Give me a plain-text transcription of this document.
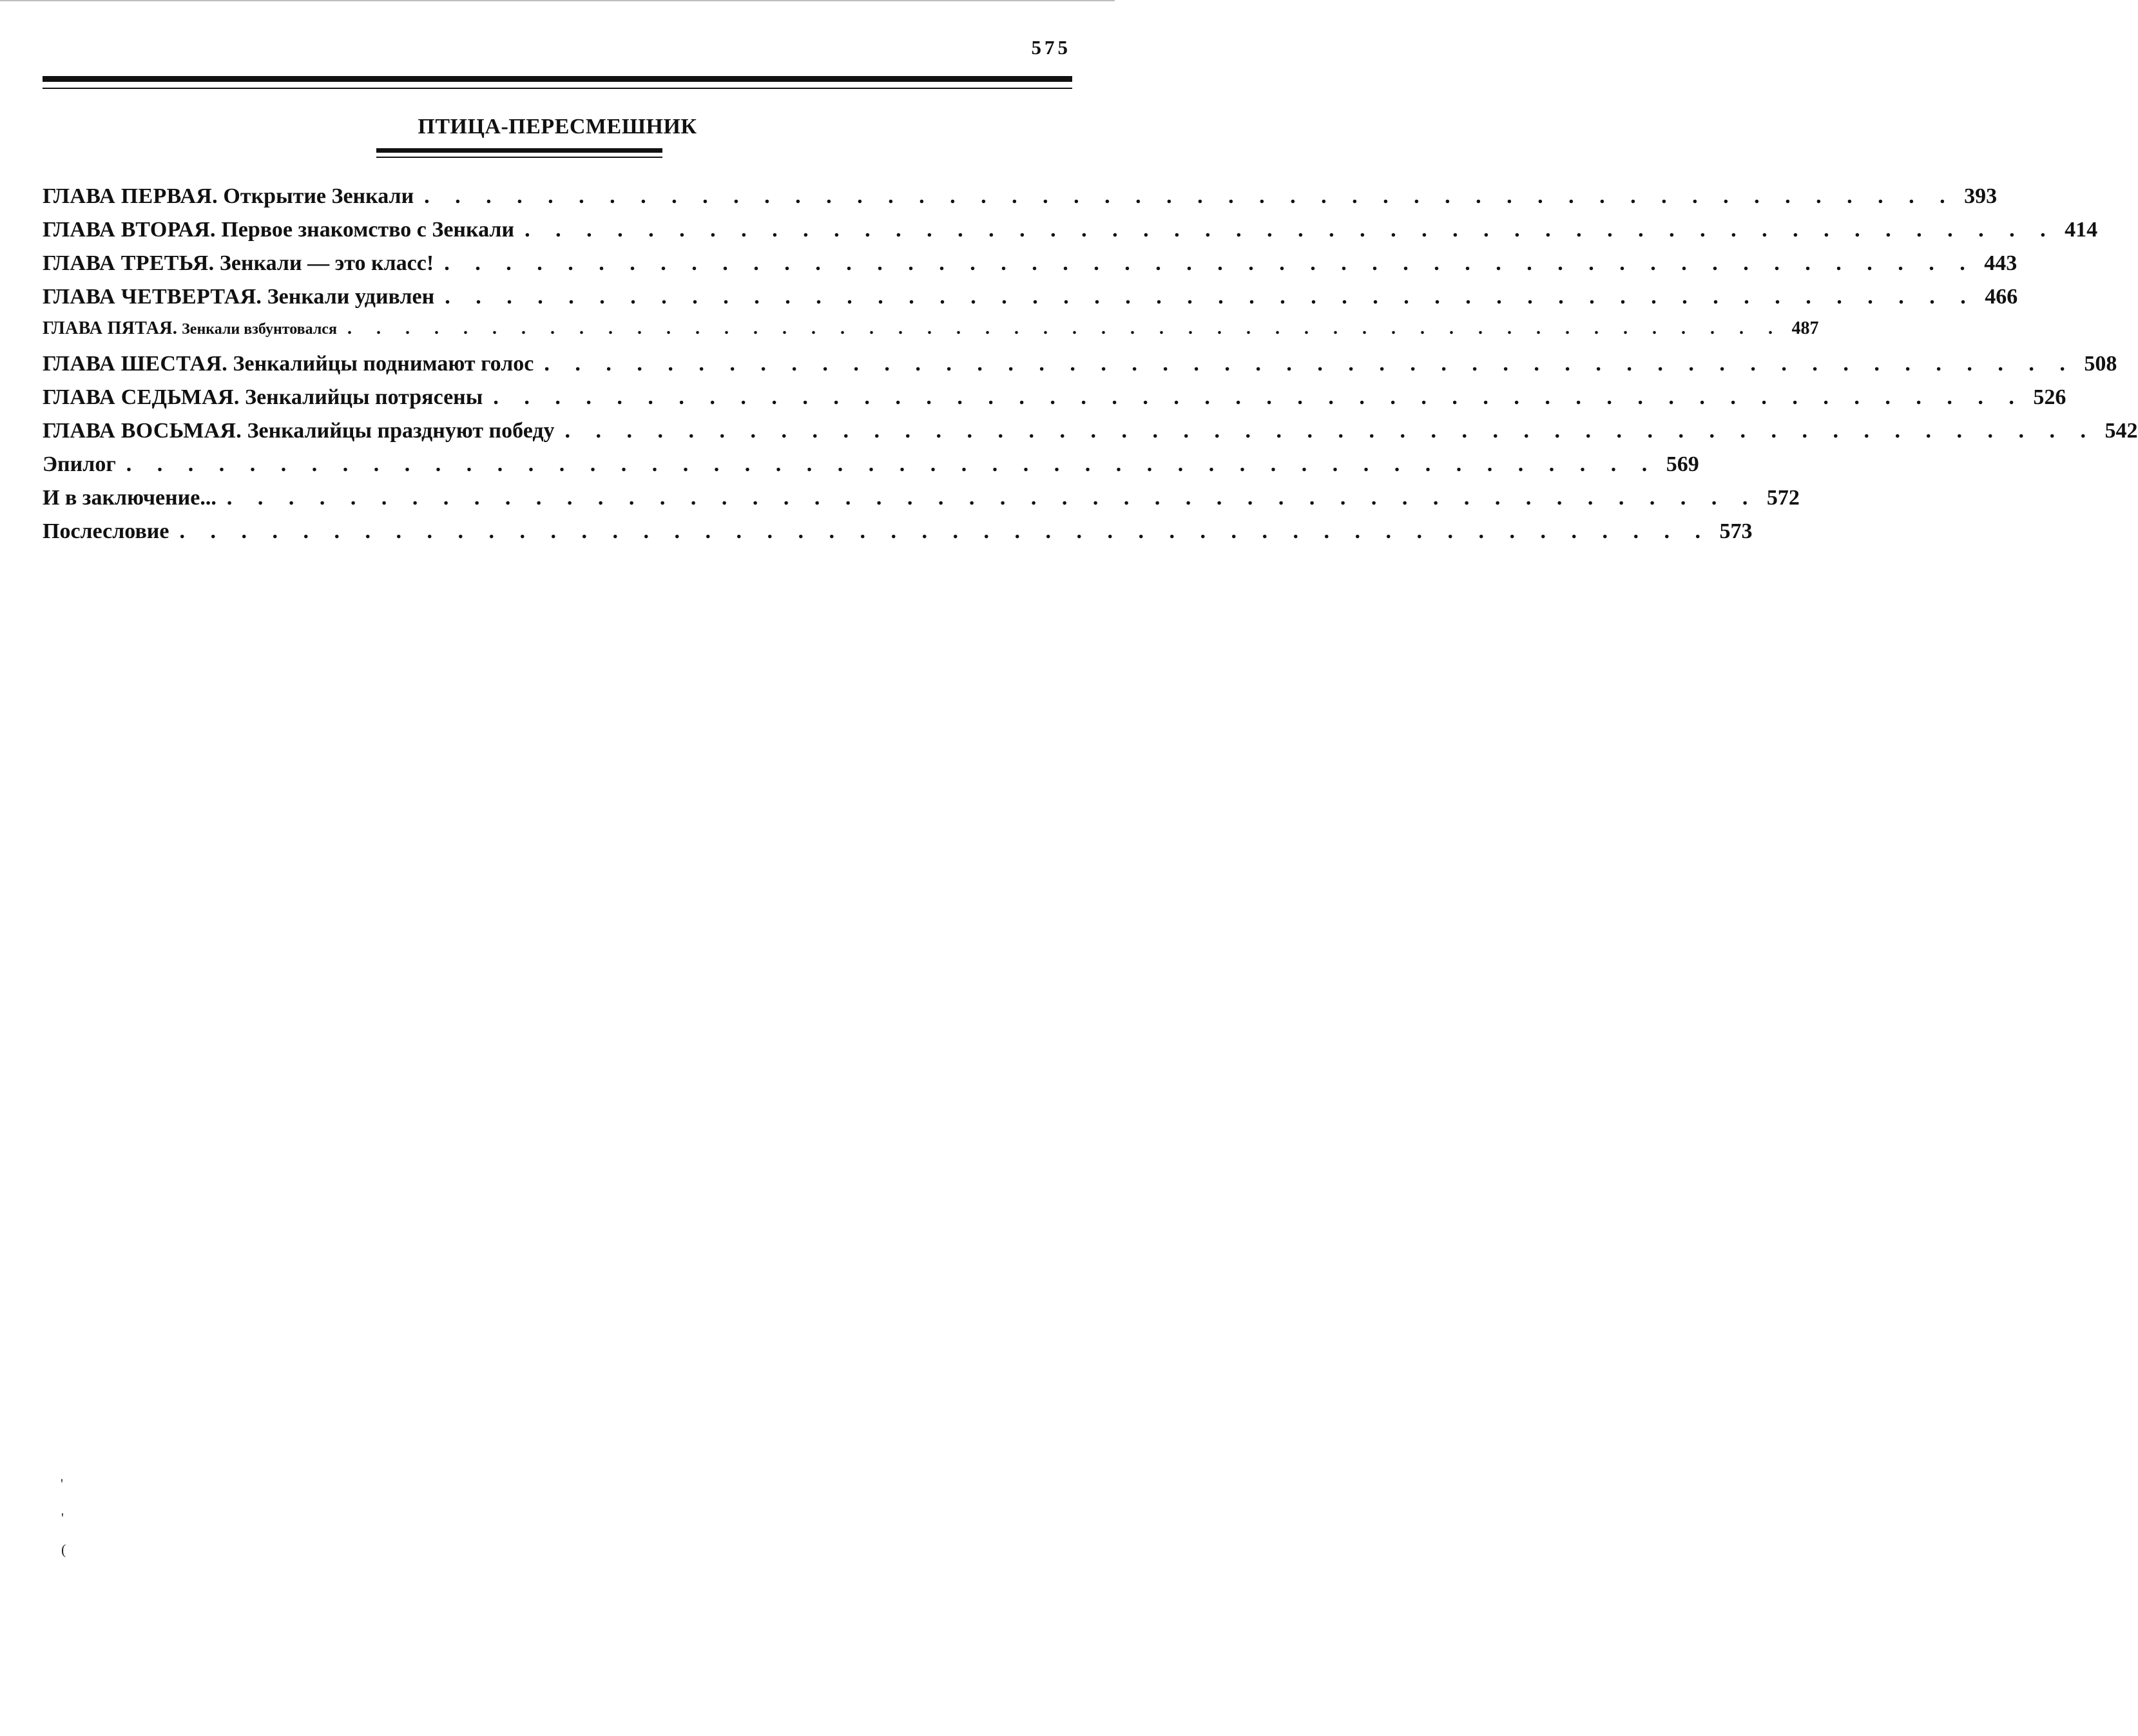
575
ПТИЦА-ПЕРЕСМЕШНИК
ГЛАВА ПЕРВАЯ.
Открытие Зенкали . . . . . . . . . . . . . . . . . . . . . . . . . . . . . . . . . . . . . . . . . . . . . . . . . . 393
ГЛАВА ВТОРАЯ.
Первое знакомство с Зенкали . . . . . . . . . . . . . . . . . . . . . . . . . . . . . . . . . . . . . . . . . . . . . . . . . . 414
ГЛАВА ТРЕТЬЯ.
Зенкали — это класс! . . . . . . . . . . . . . . . . . . . . . . . . . . . . . . . . . . . . . . . . . . . . . . . . . . 443
ГЛАВА ЧЕТВЕРТАЯ.
Зенкали удивлен . . . . . . . . . . . . . . . . . . . . . . . . . . . . . . . . . . . . . . . . . . . . . . . . . . 466
ГЛАВА ПЯТАЯ.
Зенкали взбунтовался . . . . . . . . . . . . . . . . . . . . . . . . . . . . . . . . . . . . . . . . . . . . . . . . . . 487
ГЛАВА ШЕСТАЯ.
Зенкалийцы поднимают голос . . . . . . . . . . . . . . . . . . . . . . . . . . . . . . . . . . . . . . . . . . . . . . . . . . 508
ГЛАВА СЕДЬМАЯ.
Зенкалийцы потрясены . . . . . . . . . . . . . . . . . . . . . . . . . . . . . . . . . . . . . . . . . . . . . . . . . . 526
ГЛАВА ВОСЬМАЯ.
Зенкалийцы празднуют победу . . . . . . . . . . . . . . . . . . . . . . . . . . . . . . . . . . . . . . . . . . . . . . . . . . 542
Эпилог . . . . . . . . . . . . . . . . . . . . . . . . . . . . . . . . . . . . . . . . . . . . . . . . . . 569
И в заключение... . . . . . . . . . . . . . . . . . . . . . . . . . . . . . . . . . . . . . . . . . . . . . . . . . . 572
Послесловие . . . . . . . . . . . . . . . . . . . . . . . . . . . . . . . . . . . . . . . . . . . . . . . . . . 573
'
'
(
